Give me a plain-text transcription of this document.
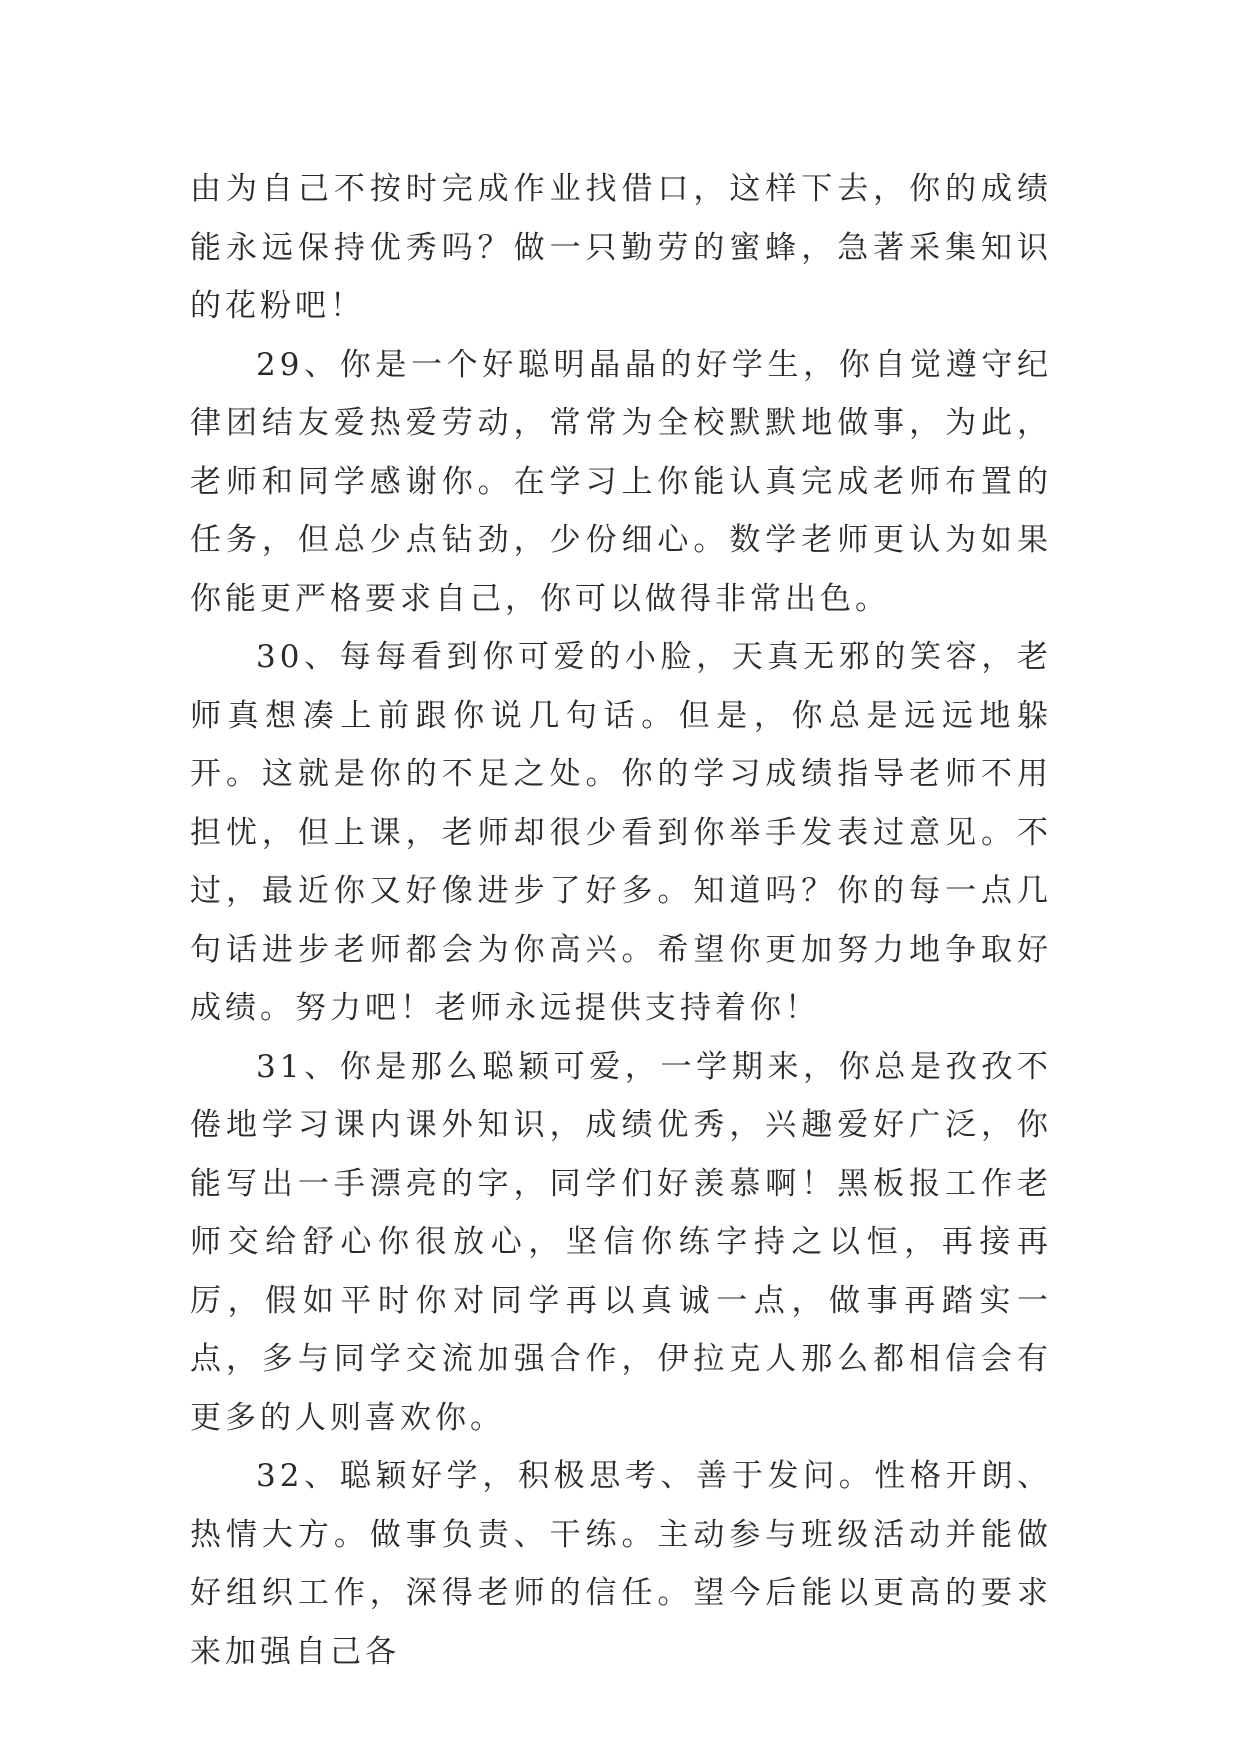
由为自己不按时完成作业找借口，这样下去，你的成绩能永远保持优秀吗？做一只勤劳的蜜蜂，急著采集知识的花粉吧！

29、你是一个好聪明晶晶的好学生，你自觉遵守纪律团结友爱热爱劳动，常常为全校默默地做事，为此，老师和同学感谢你。在学习上你能认真完成老师布置的任务，但总少点钻劲，少份细心。数学老师更认为如果你能更严格要求自己，你可以做得非常出色。

30、每每看到你可爱的小脸，天真无邪的笑容，老师真想凑上前跟你说几句话。但是，你总是远远地躲开。这就是你的不足之处。你的学习成绩指导老师不用担忧，但上课，老师却很少看到你举手发表过意见。不过，最近你又好像进步了好多。知道吗？你的每一点几句话进步老师都会为你高兴。希望你更加努力地争取好成绩。努力吧！老师永远提供支持着你！

31、你是那么聪颖可爱，一学期来，你总是孜孜不倦地学习课内课外知识，成绩优秀，兴趣爱好广泛，你能写出一手漂亮的字，同学们好羡慕啊！黑板报工作老师交给舒心你很放心，坚信你练字持之以恒，再接再厉，假如平时你对同学再以真诚一点，做事再踏实一点，多与同学交流加强合作，伊拉克人那么都相信会有更多的人则喜欢你。

32、聪颖好学，积极思考、善于发问。性格开朗、热情大方。做事负责、干练。主动参与班级活动并能做好组织工作，深得老师的信任。望今后能以更高的要求来加强自己各
